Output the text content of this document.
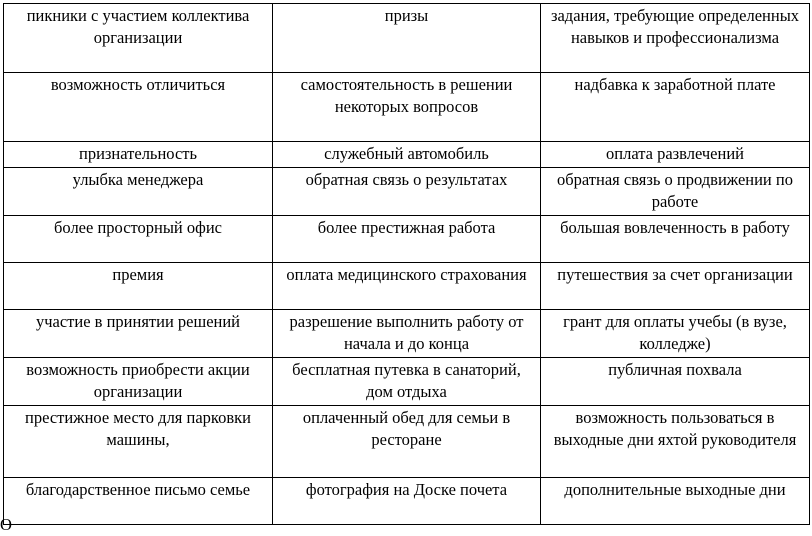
пикники с участием коллектива организации	призы	задания, требующие определенных навыков и профессионализма
возможность отличиться	самостоятельность в решении некоторых вопросов	надбавка к заработной плате
признательность	служебный автомобиль	оплата развлечений
улыбка менеджера	обратная связь о результатах	обратная связь о продвижении по работе
более просторный офис	более престижная работа	большая вовлеченность в работу
премия	оплата медицинского страхования	путешествия за счет организации
участие в принятии решений	разрешение выполнить работу от начала и до конца	грант для оплаты учебы (в вузе, колледже)
возможность приобрести акции организации	бесплатная путевка в санаторий, дом отдыха	публичная похвала
престижное место для парковки машины,	оплаченный обед для семьи в ресторане	возможность пользоваться в выходные дни яхтой руководителя
благодарственное письмо семье	фотография на Доске почета	дополнительные выходные дни
О
